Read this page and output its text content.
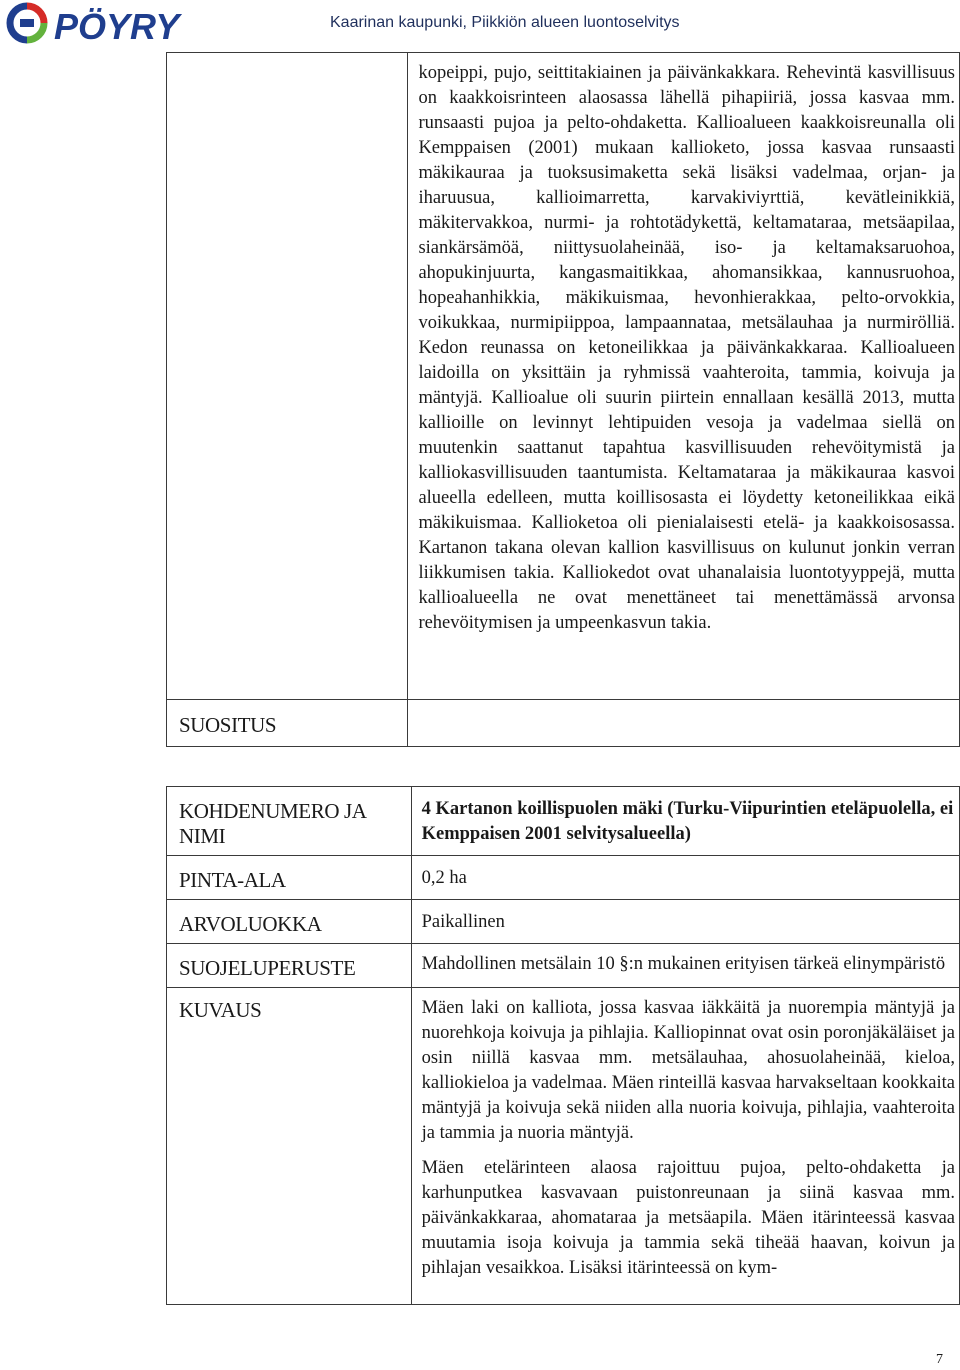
PÖYRY	Kaarinan kaupunki, Piikkiön alueen luontoselvitys

	kopeippi, pujo, seittitakiainen ja päivänkakkara. Rehevintä kasvillisuus on kaakkoisrinteen alaosassa lähellä pihapiiriä, jossa kasvaa mm. runsaasti pujoa ja pelto-ohdaketta. Kallioalueen kaakkoisreunalla oli Kemppaisen (2001) mukaan kallioketo, jossa kasvaa runsaasti mäkikauraa ja tuoksusimaketta sekä lisäksi vadelmaa, orjan- ja iharuusua, kallioimarretta, karvakiviyrttiä, kevätleinikkiä, mäkitervakkoa, nurmi- ja rohtotädykettä, keltamataraa, metsäapilaa, siankärsämöä, niittysuolaheinää, iso- ja keltamaksaruohoa, ahopukinjuurta, kangasmaitikkaa, ahomansikkaa, kannusruohoa, hopeahanhikkia, mäkikuismaa, hevonhierakkaa, pelto-orvokkia, voikukkaa, nurmipiippoa, lampaannataa, metsälauhaa ja nurmirölliä. Kedon reunassa on ketoneilikkaa ja päivänkakkaraa. Kallioalueen laidoilla on yksittäin ja ryhmissä vaahteroita, tammia, koivuja ja mäntyjä. Kallioalue oli suurin piirtein ennallaan kesällä 2013, mutta kallioille on levinnyt lehtipuiden vesoja ja vadelmaa siellä on muutenkin saattanut tapahtua kasvillisuuden rehevöitymistä ja kalliokasvillisuuden taantumista. Keltamataraa ja mäkikauraa kasvoi alueella edelleen, mutta koillisosasta ei löydetty ketoneilikkaa eikä mäkikuismaa. Kallioketoa oli pienialaisesti etelä- ja kaakkoisosassa. Kartanon takana olevan kallion kasvillisuus on kulunut jonkin verran liikkumisen takia. Kalliokedot ovat uhanalaisia luontotyyppejä, mutta kallioalueella ne ovat menettäneet tai menettämässä arvonsa rehevöitymisen ja umpeenkasvun takia.

SUOSITUS	
KOHDENUMERO JA NIMI	4 Kartanon koillispuolen mäki (Turku-Viipurintien eteläpuolella, ei Kemppaisen 2001 selvitysalueella)
PINTA-ALA	0,2 ha
ARVOLUOKKA	Paikallinen
SUOJELUPERUSTE	Mahdollinen metsälain 10 §:n mukainen erityisen tärkeä elinympäristö
KUVAUS	Mäen laki on kalliota, jossa kasvaa iäkkäitä ja nuorempia mäntyjä ja nuorehkoja koivuja ja pihlajia. Kalliopinnat ovat osin poronjäkäläiset ja osin niillä kasvaa mm. metsälauhaa, ahosuolaheinää, kieloa, kalliokieloa ja vadelmaa. Mäen rinteillä kasvaa harvakseltaan kookkaita mäntyjä ja koivuja sekä niiden alla nuoria koivuja, pihlajia, vaahteroita ja tammia ja nuoria mäntyjä.

Mäen etelärinteen alaosa rajoittuu pujoa, pelto-ohdaketta ja karhunputkea kasvavaan puistonreunaan ja siinä kasvaa mm. päivänkakkaraa, ahomataraa ja metsäapila. Mäen itärinteessä kasvaa muutamia isoja koivuja ja tammia sekä tiheää haavan, koivun ja pihlajan vesaikkoa. Lisäksi itärinteessä on kym-

7
